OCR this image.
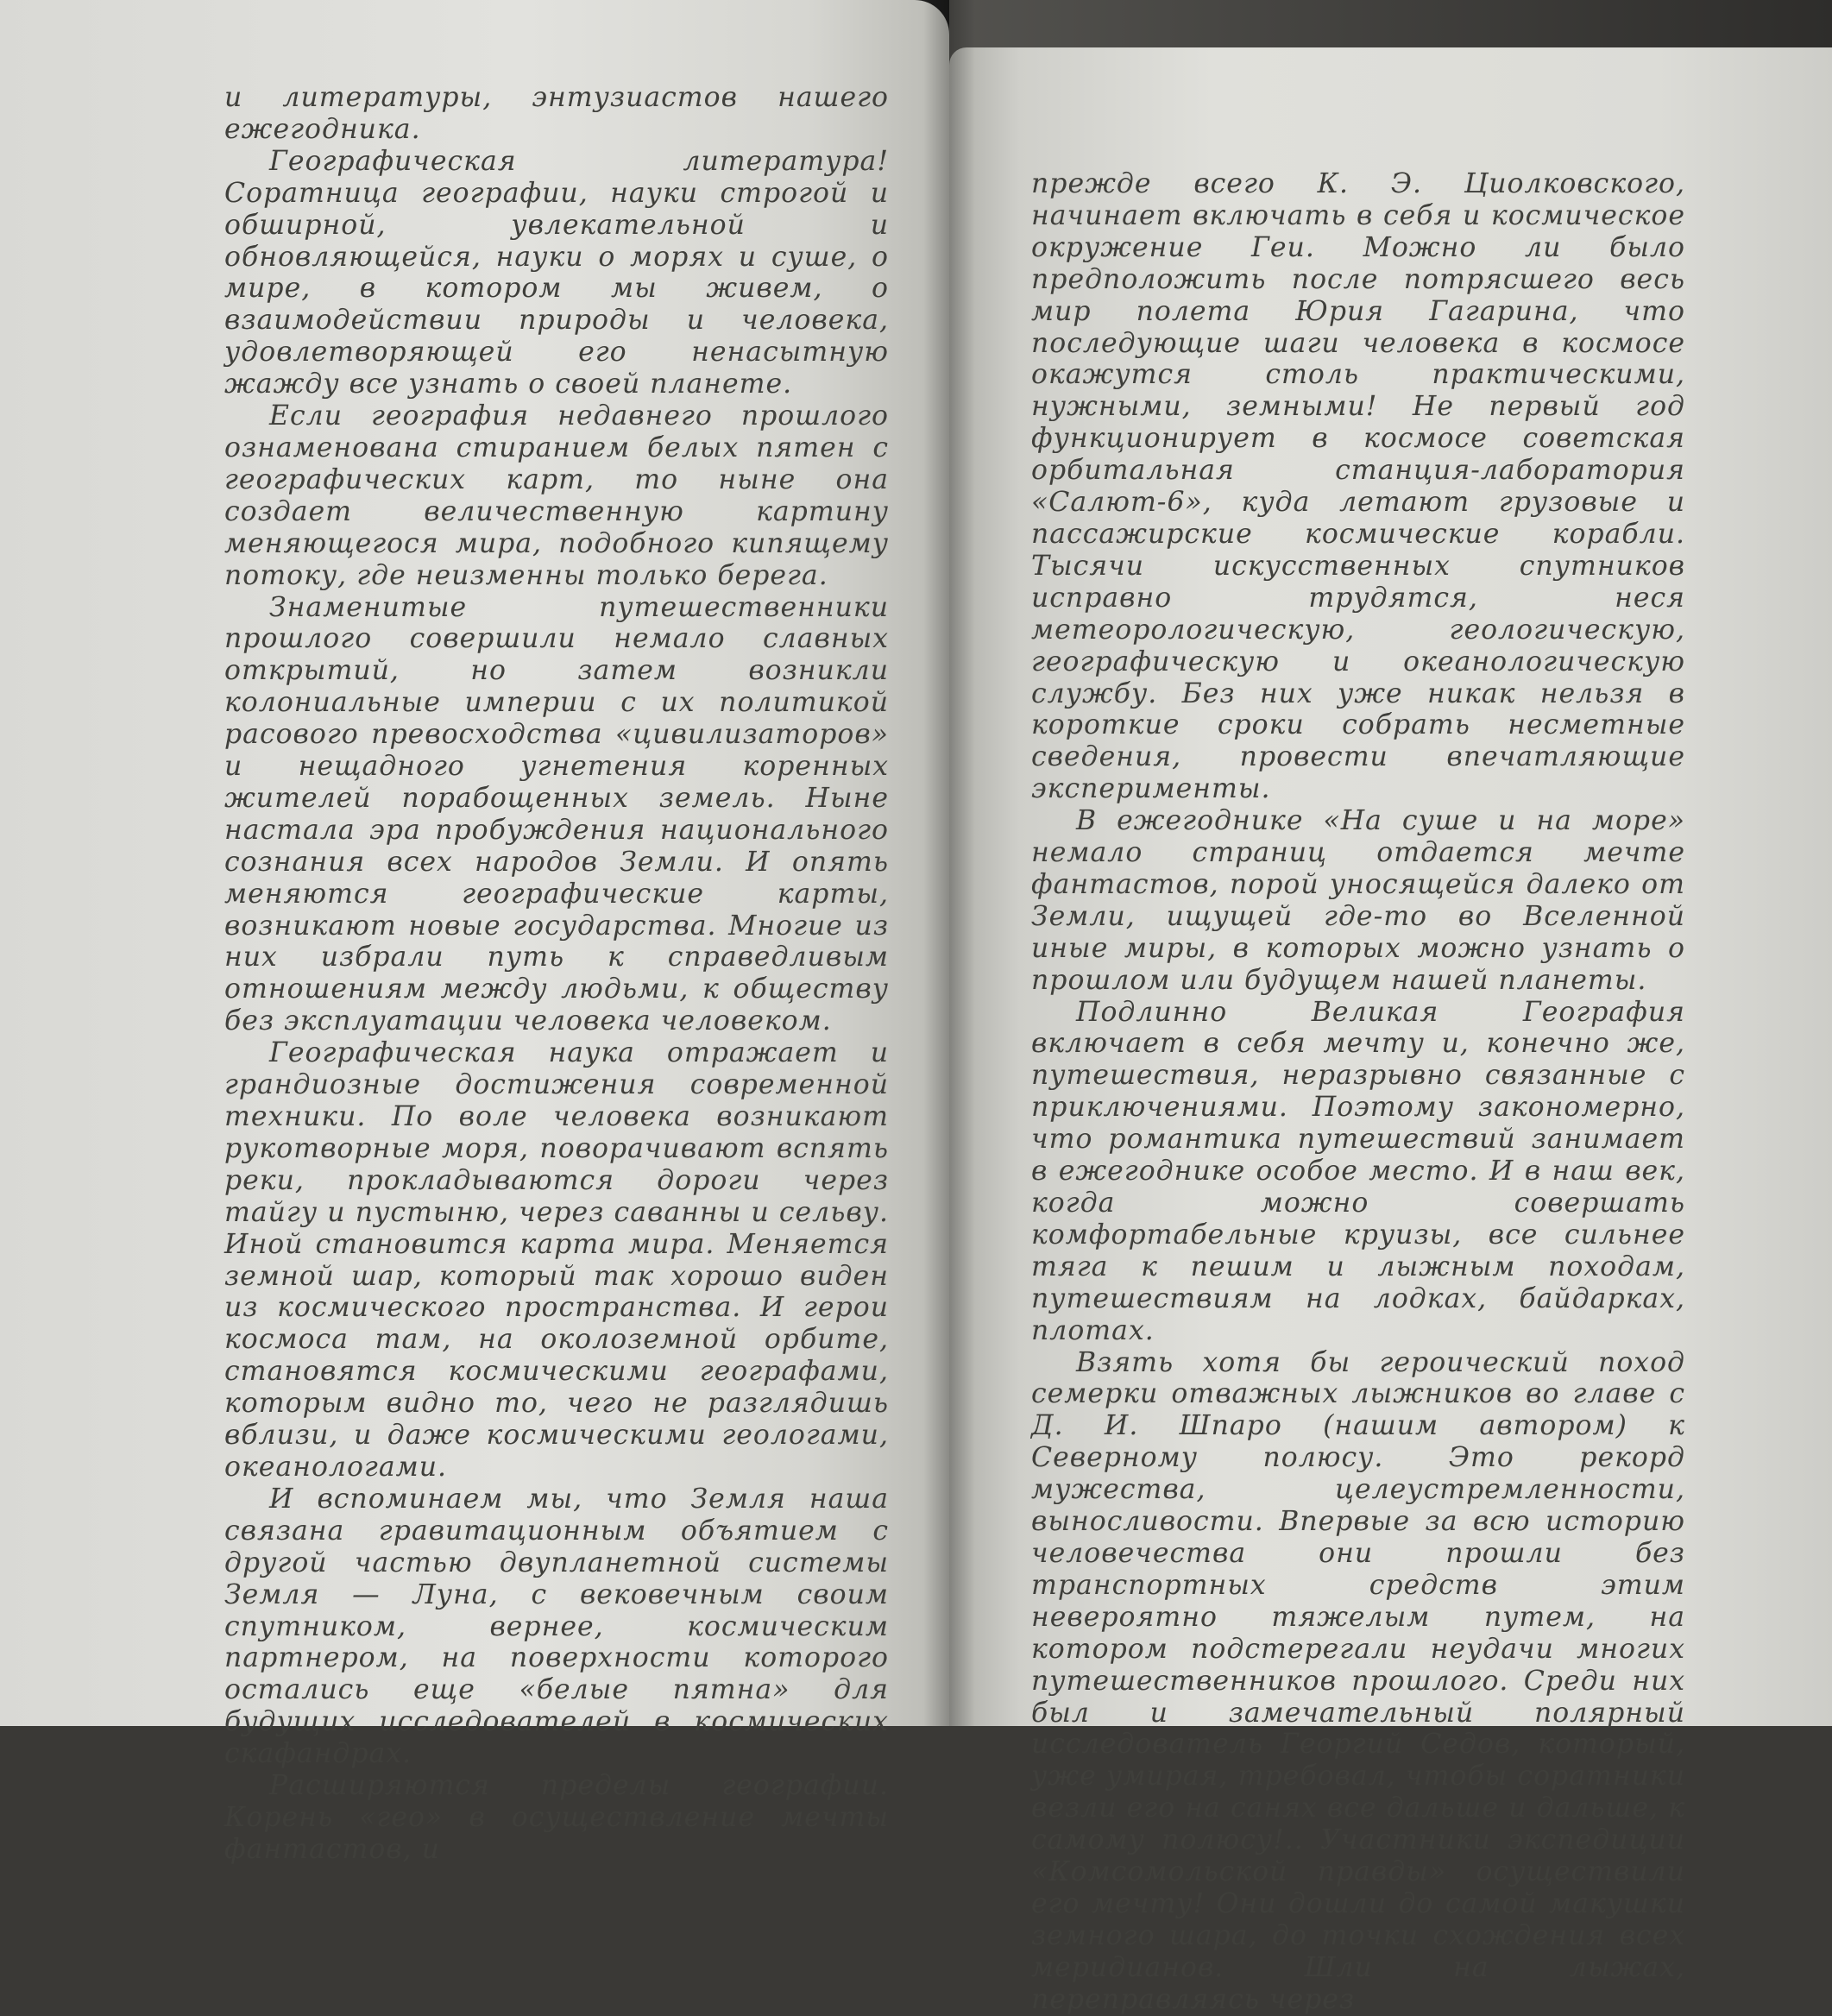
и литературы, энтузиастов нашего ежегодника.

Географическая литература! Соратница географии, науки строгой и обширной, увлекательной и обновляющейся, науки о морях и суше, о мире, в котором мы живем, о взаимодействии природы и человека, удовлетворяющей его ненасытную жажду все узнать о своей планете.

Если география недавнего прошлого ознаменована стиранием белых пятен с географических карт, то ныне она создает величественную картину меняющегося мира, подобного кипящему потоку, где неизменны только берега.

Знаменитые путешественники прошлого совершили немало славных открытий, но затем возникли колониальные империи с их политикой расового превосходства «цивилизаторов» и нещадного угнетения коренных жителей порабощенных земель. Ныне настала эра пробуждения национального сознания всех народов Земли. И опять меняются географические карты, возникают новые государства. Многие из них избрали путь к справедливым отношениям между людьми, к обществу без эксплуатации человека человеком.

Географическая наука отражает и грандиозные достижения современной техники. По воле человека возникают рукотворные моря, поворачивают вспять реки, прокладываются дороги через тайгу и пустыню, через саванны и сельву. Иной становится карта мира. Меняется земной шар, который так хорошо виден из космического пространства. И герои космоса там, на околоземной орбите, становятся космическими географами, которым видно то, чего не разглядишь вблизи, и даже космическими геологами, океанологами.

И вспоминаем мы, что Земля наша связана гравитационным объятием с другой частью двупланетной системы Земля — Луна, с вековечным своим спутником, вернее, космическим партнером, на поверхности которого остались еще «белые пятна» для будущих исследователей в космических скафандрах.

Расширяются пределы географии. Корень «гео» в осуществление мечты фантастов, и

прежде всего К. Э. Циолковского, начинает включать в себя и космическое окружение Геи. Можно ли было предположить после потрясшего весь мир полета Юрия Гагарина, что последующие шаги человека в космосе окажутся столь практическими, нужными, земными! Не первый год функционирует в космосе советская орбитальная станция-лаборатория «Салют-6», куда летают грузовые и пассажирские космические корабли. Тысячи искусственных спутников исправно трудятся, неся метеорологическую, геологическую, географическую и океанологическую службу. Без них уже никак нельзя в короткие сроки собрать несметные сведения, провести впечатляющие эксперименты.

В ежегоднике «На суше и на море» немало страниц отдается мечте фантастов, порой уносящейся далеко от Земли, ищущей где-то во Вселенной иные миры, в которых можно узнать о прошлом или будущем нашей планеты.

Подлинно Великая География включает в себя мечту и, конечно же, путешествия, неразрывно связанные с приключениями. Поэтому закономерно, что романтика путешествий занимает в ежегоднике особое место. И в наш век, когда можно совершать комфортабельные круизы, все сильнее тяга к пешим и лыжным походам, путешествиям на лодках, байдарках, плотах.

Взять хотя бы героический поход семерки отважных лыжников во главе с Д. И. Шпаро (нашим автором) к Северному полюсу. Это рекорд мужества, целеустремленности, выносливости. Впервые за всю историю человечества они прошли без транспортных средств этим невероятно тяжелым путем, на котором подстерегали неудачи многих путешественников прошлого. Среди них был и замечательный полярный исследователь Георгий Седов, который, уже умирая, требовал, чтобы соратники везли его на санях все дальше и дальше, к самому полюсу!.. Участники экспедиции «Комсомольской правды» осуществили его мечту! Они дошли до самой макушки земного шара, до точки схождения всех меридианов. Шли на лыжах, переправляясь через
